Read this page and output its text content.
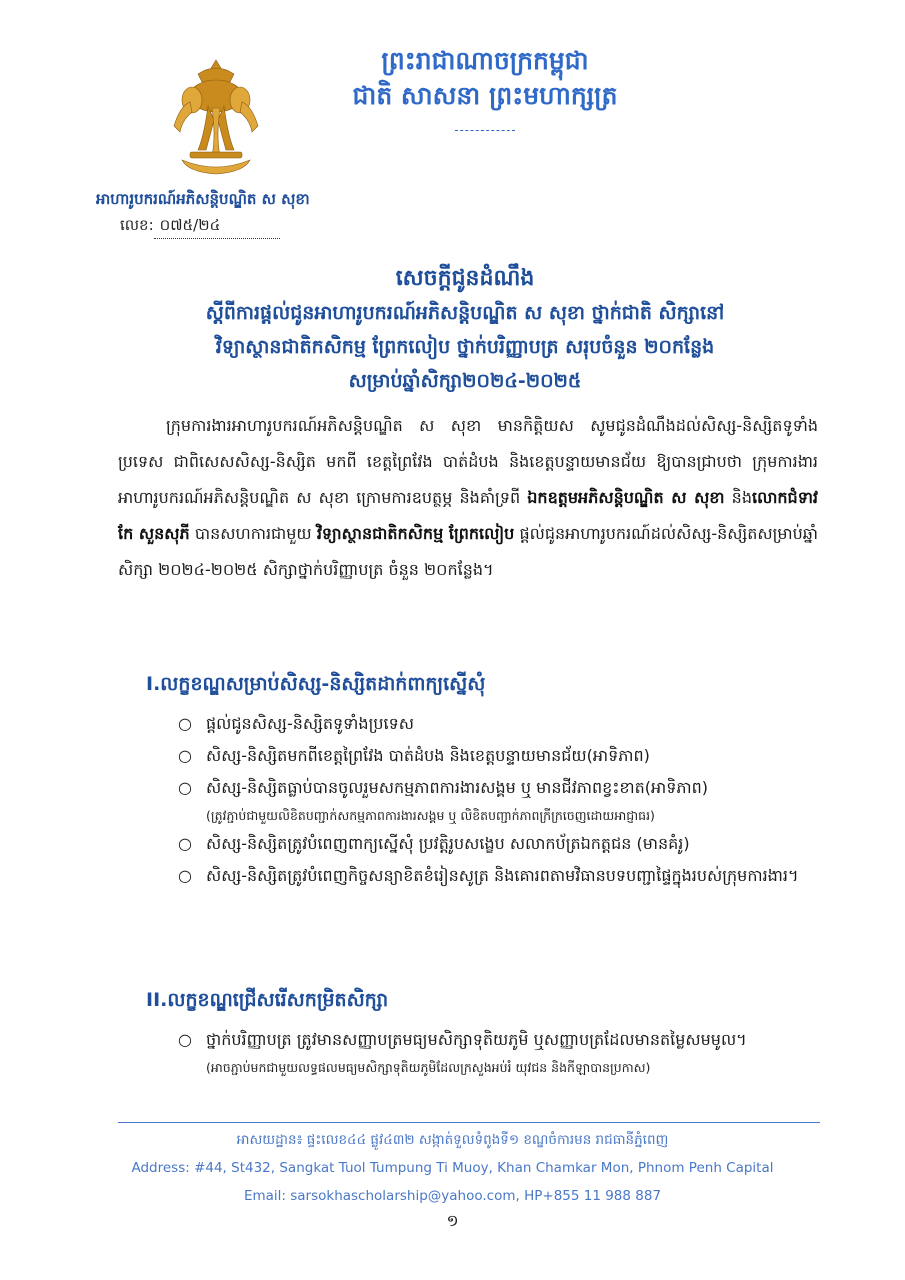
អាហារូបករណ៍អភិសន្តិបណ្ឌិត ស សុខា
លេខ: ០៧៥/២៤
ព្រះរាជាណាចក្រកម្ពុជា
ជាតិ សាសនា ព្រះមហាក្សត្រ
សេចក្តីជូនដំណឹង
ស្តីពីការផ្តល់ជូនអាហារូបករណ៍អភិសន្តិបណ្ឌិត ស សុខា ថ្នាក់ជាតិ សិក្សានៅ
វិទ្យាស្ថានជាតិកសិកម្ម ព្រែកលៀប ថ្នាក់បរិញ្ញាបត្រ សរុបចំនួន ២០កន្លែង
សម្រាប់ឆ្នាំសិក្សា២០២៤-២០២៥

ក្រុមការងារអាហារូបករណ៍អភិសន្តិបណ្ឌិត ស សុខា មានកិត្តិយស សូមជូនដំណឹងដល់សិស្ស-និស្សិតទូទាំងប្រទេស ជាពិសេសសិស្ស-និស្សិត មកពី ខេត្តព្រៃវែង បាត់ដំបង និងខេត្តបន្ទាយមានជ័យ ឱ្យបានជ្រាបថា ក្រុមការងារអាហារូបករណ៍អភិសន្តិបណ្ឌិត ស សុខា ក្រោមការឧបត្ថម្ភ និងគាំទ្រពី ឯកឧត្តមអភិសន្តិបណ្ឌិត ស សុខា និងលោកជំទាវ កែ សួនសុភី បានសហការជាមួយ វិទ្យាស្ថានជាតិកសិកម្ម ព្រែកលៀប ផ្តល់ជូនអាហារូបករណ៍ដល់សិស្ស-និស្សិតសម្រាប់ឆ្នាំសិក្សា ២០២៤-២០២៥ សិក្សាថ្នាក់បរិញ្ញាបត្រ ចំនួន ២០កន្លែង។

I.លក្ខខណ្ឌសម្រាប់សិស្ស-និស្សិតដាក់ពាក្យស្នើសុំ
○ ផ្តល់ជូនសិស្ស-និស្សិតទូទាំងប្រទេស
○ សិស្ស-និស្សិតមកពីខេត្តព្រៃវែង បាត់ដំបង និងខេត្តបន្ទាយមានជ័យ(អាទិភាព)
○ សិស្ស-និស្សិតធ្លាប់បានចូលរួមសកម្មភាពការងារសង្គម ឬ មានជីវភាពខ្វះខាត(អាទិភាព)
(ត្រូវភ្ជាប់ជាមួយលិខិតបញ្ជាក់សកម្មភាពការងារសង្គម ឬ លិខិតបញ្ជាក់ភាពក្រីក្រចេញដោយអាជ្ញាធរ)
○ សិស្ស-និស្សិតត្រូវបំពេញពាក្យស្នើសុំ ប្រវត្តិរូបសង្ខេប សលាកប័ត្រឯកត្តជន (មានគំរូ)
○ សិស្ស-និស្សិតត្រូវបំពេញកិច្ចសន្យាខិតខំរៀនសូត្រ និងគោរពតាមវិធានបទបញ្ជាផ្ទៃក្នុងរបស់ក្រុមការងារ។
II.លក្ខខណ្ឌជ្រើសរើសកម្រិតសិក្សា
○ ថ្នាក់បរិញ្ញាបត្រ ត្រូវមានសញ្ញាបត្រមធ្យមសិក្សាទុតិយភូមិ ឬសញ្ញាបត្រដែលមានតម្លៃសមមូល។
(អាចភ្ជាប់មកជាមួយលទ្ធផលមធ្យមសិក្សាទុតិយភូមិដែលក្រសួងអប់រំ យុវជន និងកីឡាបានប្រកាស)
អាសយដ្ឋាន៖ ផ្ទះលេខ៤៤ ផ្លូវ៤៣២ សង្កាត់ទួលទំពូងទី១ ខណ្ឌចំការមន រាជធានីភ្នំពេញ
Address: #44, St432, Sangkat Tuol Tumpung Ti Muoy, Khan Chamkar Mon, Phnom Penh Capital
Email: sarsokhascholarship@yahoo.com, HP+855 11 988 887
១
